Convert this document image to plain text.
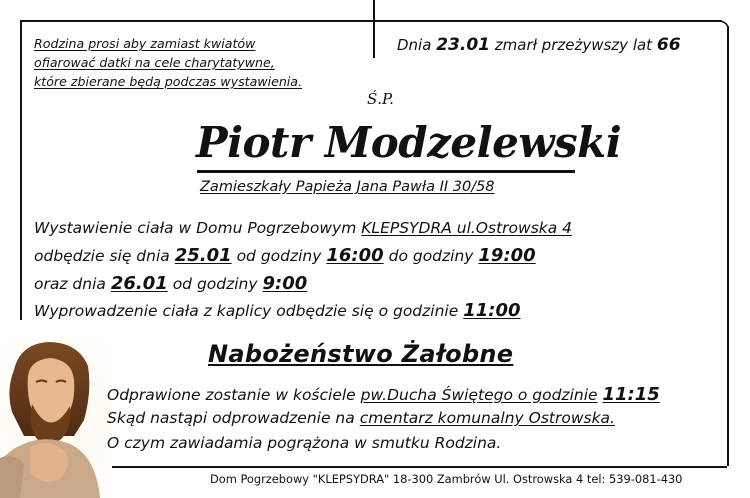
Rodzina prosi aby zamiast kwiatów
ofiarować datki na cele charytatywne,
które zbierane będą podczas wystawienia.
Dnia 23.01 zmarł przeżywszy lat 66
Ś.P.
Piotr Modzelewski
Zamieszkały Papieża Jana Pawła II 30/58
Wystawienie ciała w Domu Pogrzebowym KLEPSYDRA ul.Ostrowska 4
odbędzie się dnia 25.01 od godziny 16:00 do godziny 19:00
oraz dnia 26.01 od godziny 9:00
Wyprowadzenie ciała z kaplicy odbędzie się o godzinie 11:00
Nabożeństwo Żałobne
Odprawione zostanie w kościele pw.Ducha Świętego o godzinie 11:15
Skąd nastąpi odprowadzenie na cmentarz komunalny Ostrowska.
O czym zawiadamia pogrążona w smutku Rodzina.
Dom Pogrzebowy "KLEPSYDRA" 18-300 Zambrów Ul. Ostrowska 4 tel: 539-081-430
